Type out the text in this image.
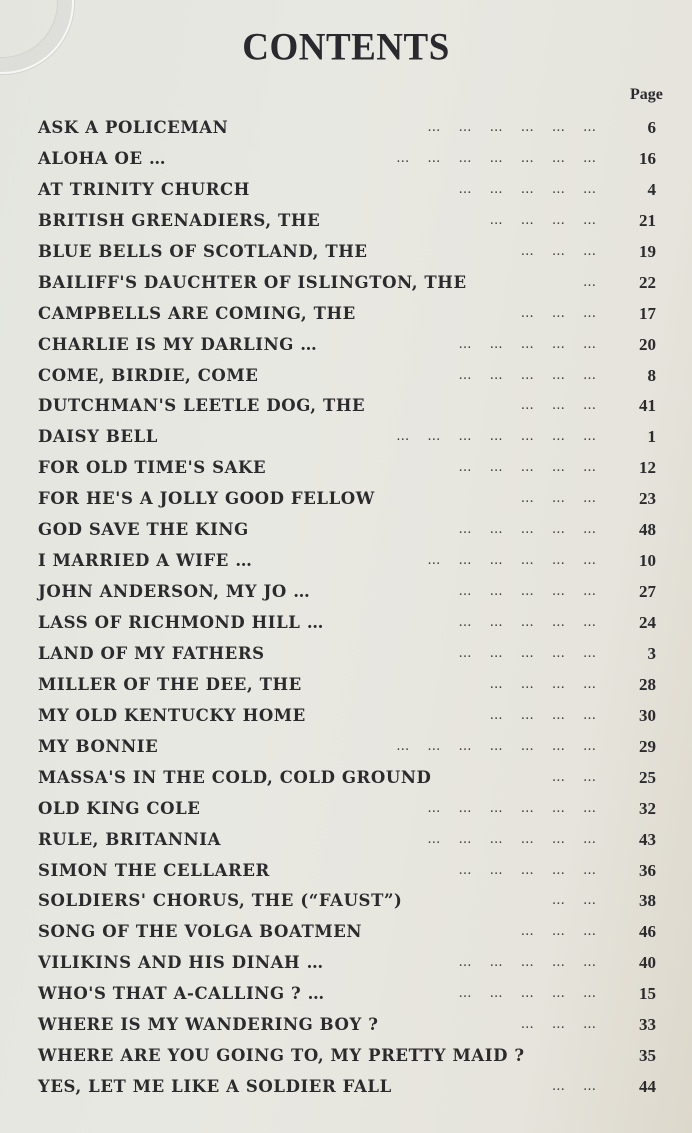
CONTENTS
Page
ASK A POLICEMAN	… … … … … …	6
ALOHA OE …	… … … … … … …	16
AT TRINITY CHURCH	… … … … …	4
BRITISH GRENADIERS, THE	… … … …	21
BLUE BELLS OF SCOTLAND, THE	… … …	19
BAILIFF'S DAUCHTER OF ISLINGTON, THE	…	22
CAMPBELLS ARE COMING, THE	… … …	17
CHARLIE IS MY DARLING …	… … … … …	20
COME, BIRDIE, COME	… … … … …	8
DUTCHMAN'S LEETLE DOG, THE	… … …	41
DAISY BELL	… … … … … … …	1
FOR OLD TIME'S SAKE	… … … … …	12
FOR HE'S A JOLLY GOOD FELLOW	… … …	23
GOD SAVE THE KING	… … … … …	48
I MARRIED A WIFE …	… … … … … …	10
JOHN ANDERSON, MY JO …	… … … … …	27
LASS OF RICHMOND HILL …	… … … … …	24
LAND OF MY FATHERS	… … … … …	3
MILLER OF THE DEE, THE	… … … …	28
MY OLD KENTUCKY HOME	… … … …	30
MY BONNIE	… … … … … … …	29
MASSA'S IN THE COLD, COLD GROUND	… …	25
OLD KING COLE	… … … … … …	32
RULE, BRITANNIA	… … … … … …	43
SIMON THE CELLARER	… … … … …	36
SOLDIERS' CHORUS, THE (“FAUST”)	… …	38
SONG OF THE VOLGA BOATMEN	… … …	46
VILIKINS AND HIS DINAH …	… … … … …	40
WHO'S THAT A-CALLING ? …	… … … … …	15
WHERE IS MY WANDERING BOY ?	… … …	33
WHERE ARE YOU GOING TO, MY PRETTY MAID ?	35
YES, LET ME LIKE A SOLDIER FALL	… …	44
